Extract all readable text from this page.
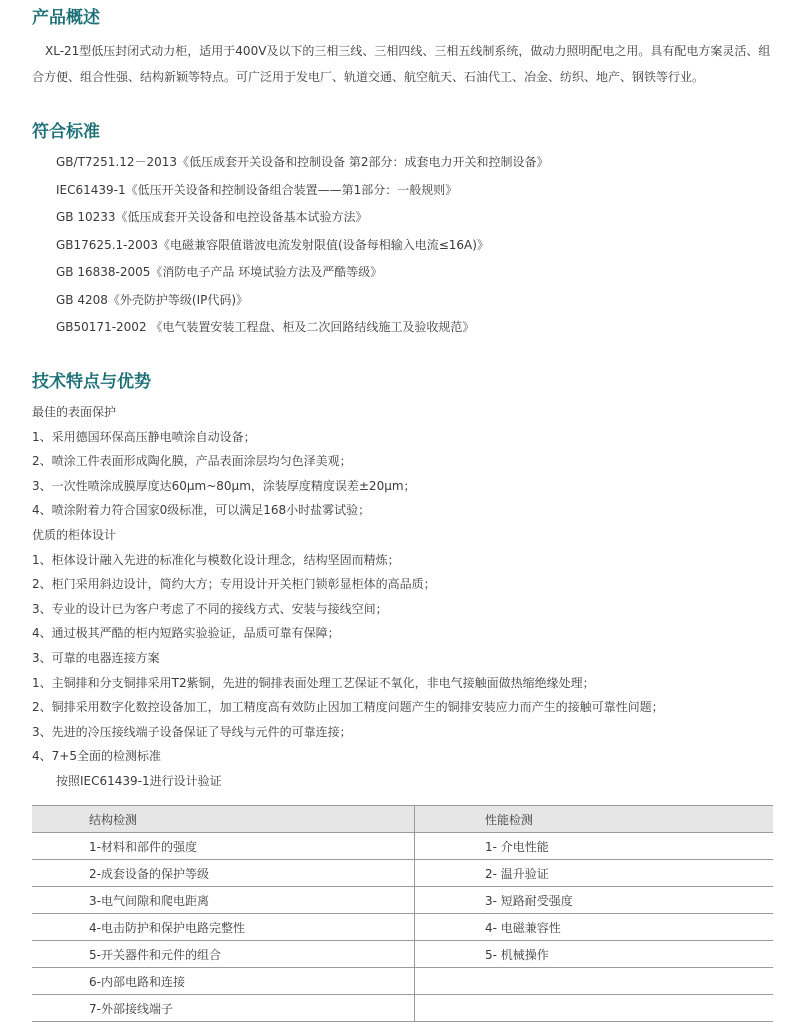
产品概述

XL-21型低压封闭式动力柜，适用于400V及以下的三相三线、三相四线、三相五线制系统，做动力照明配电之用。具有配电方案灵活、组合方便、组合性强、结构新颖等特点。可广泛用于发电厂、轨道交通、航空航天、石油代工、冶金、纺织、地产、钢铁等行业。

符合标准
GB/T7251.12－2013《低压成套开关设备和控制设备 第2部分：成套电力开关和控制设备》
IEC61439-1《低压开关设备和控制设备组合装置——第1部分：一般规则》
GB 10233《低压成套开关设备和电控设备基本试验方法》
GB17625.1-2003《电磁兼容限值谐波电流发射限值(设备每相输入电流≤16A)》
GB 16838-2005《消防电子产品 环境试验方法及严酷等级》
GB 4208《外壳防护等级(IP代码)》
GB50171-2002 《电气装置安装工程盘、柜及二次回路结线施工及验收规范》
技术特点与优势
最佳的表面保护
1、采用德国环保高压静电喷涂自动设备；
2、喷涂工件表面形成陶化膜，产品表面涂层均匀色泽美观；
3、一次性喷涂成膜厚度达60μm~80μm，涂装厚度精度误差±20μm；
4、喷涂附着力符合国家0级标准，可以满足168小时盐雾试验；
优质的柜体设计
1、柜体设计融入先进的标准化与模数化设计理念，结构坚固而精炼；
2、柜门采用斜边设计，简约大方；专用设计开关柜门锁彰显柜体的高品质；
3、专业的设计已为客户考虑了不同的接线方式、安装与接线空间；
4、通过极其严酷的柜内短路实验验证，品质可靠有保障；
3、可靠的电器连接方案
1、主铜排和分支铜排采用T2紫铜，先进的铜排表面处理工艺保证不氧化，非电气接触面做热缩绝缘处理；
2、铜排采用数字化数控设备加工，加工精度高有效防止因加工精度问题产生的铜排安装应力而产生的接触可靠性问题；
3、先进的冷压接线端子设备保证了导线与元件的可靠连接；
4、7+5全面的检测标准
按照IEC61439-1进行设计验证
结构检测	性能检测
1-材料和部件的强度	1- 介电性能
2-成套设备的保护等级	2- 温升验证
3-电气间隙和爬电距离	3- 短路耐受强度
4-电击防护和保护电路完整性	4- 电磁兼容性
5-开关器件和元件的组合	5- 机械操作
6-内部电路和连接	
7-外部接线端子	
